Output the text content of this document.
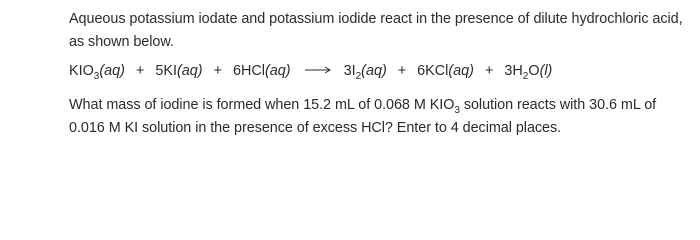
Aqueous potassium iodate and potassium iodide react in the presence of dilute hydrochloric acid, as shown below.

$KIO_3(aq) + 5KI(aq) + 6HCl(aq) \to 3I_2(aq) + 6KCl(aq) + 3H_2O(l)$

What mass of iodine is formed when 15.2 mL of 0.068 M $KIO_3$ solution reacts with 30.6 mL of 0.016 M KI solution in the presence of excess HCl? Enter to 4 decimal places.
